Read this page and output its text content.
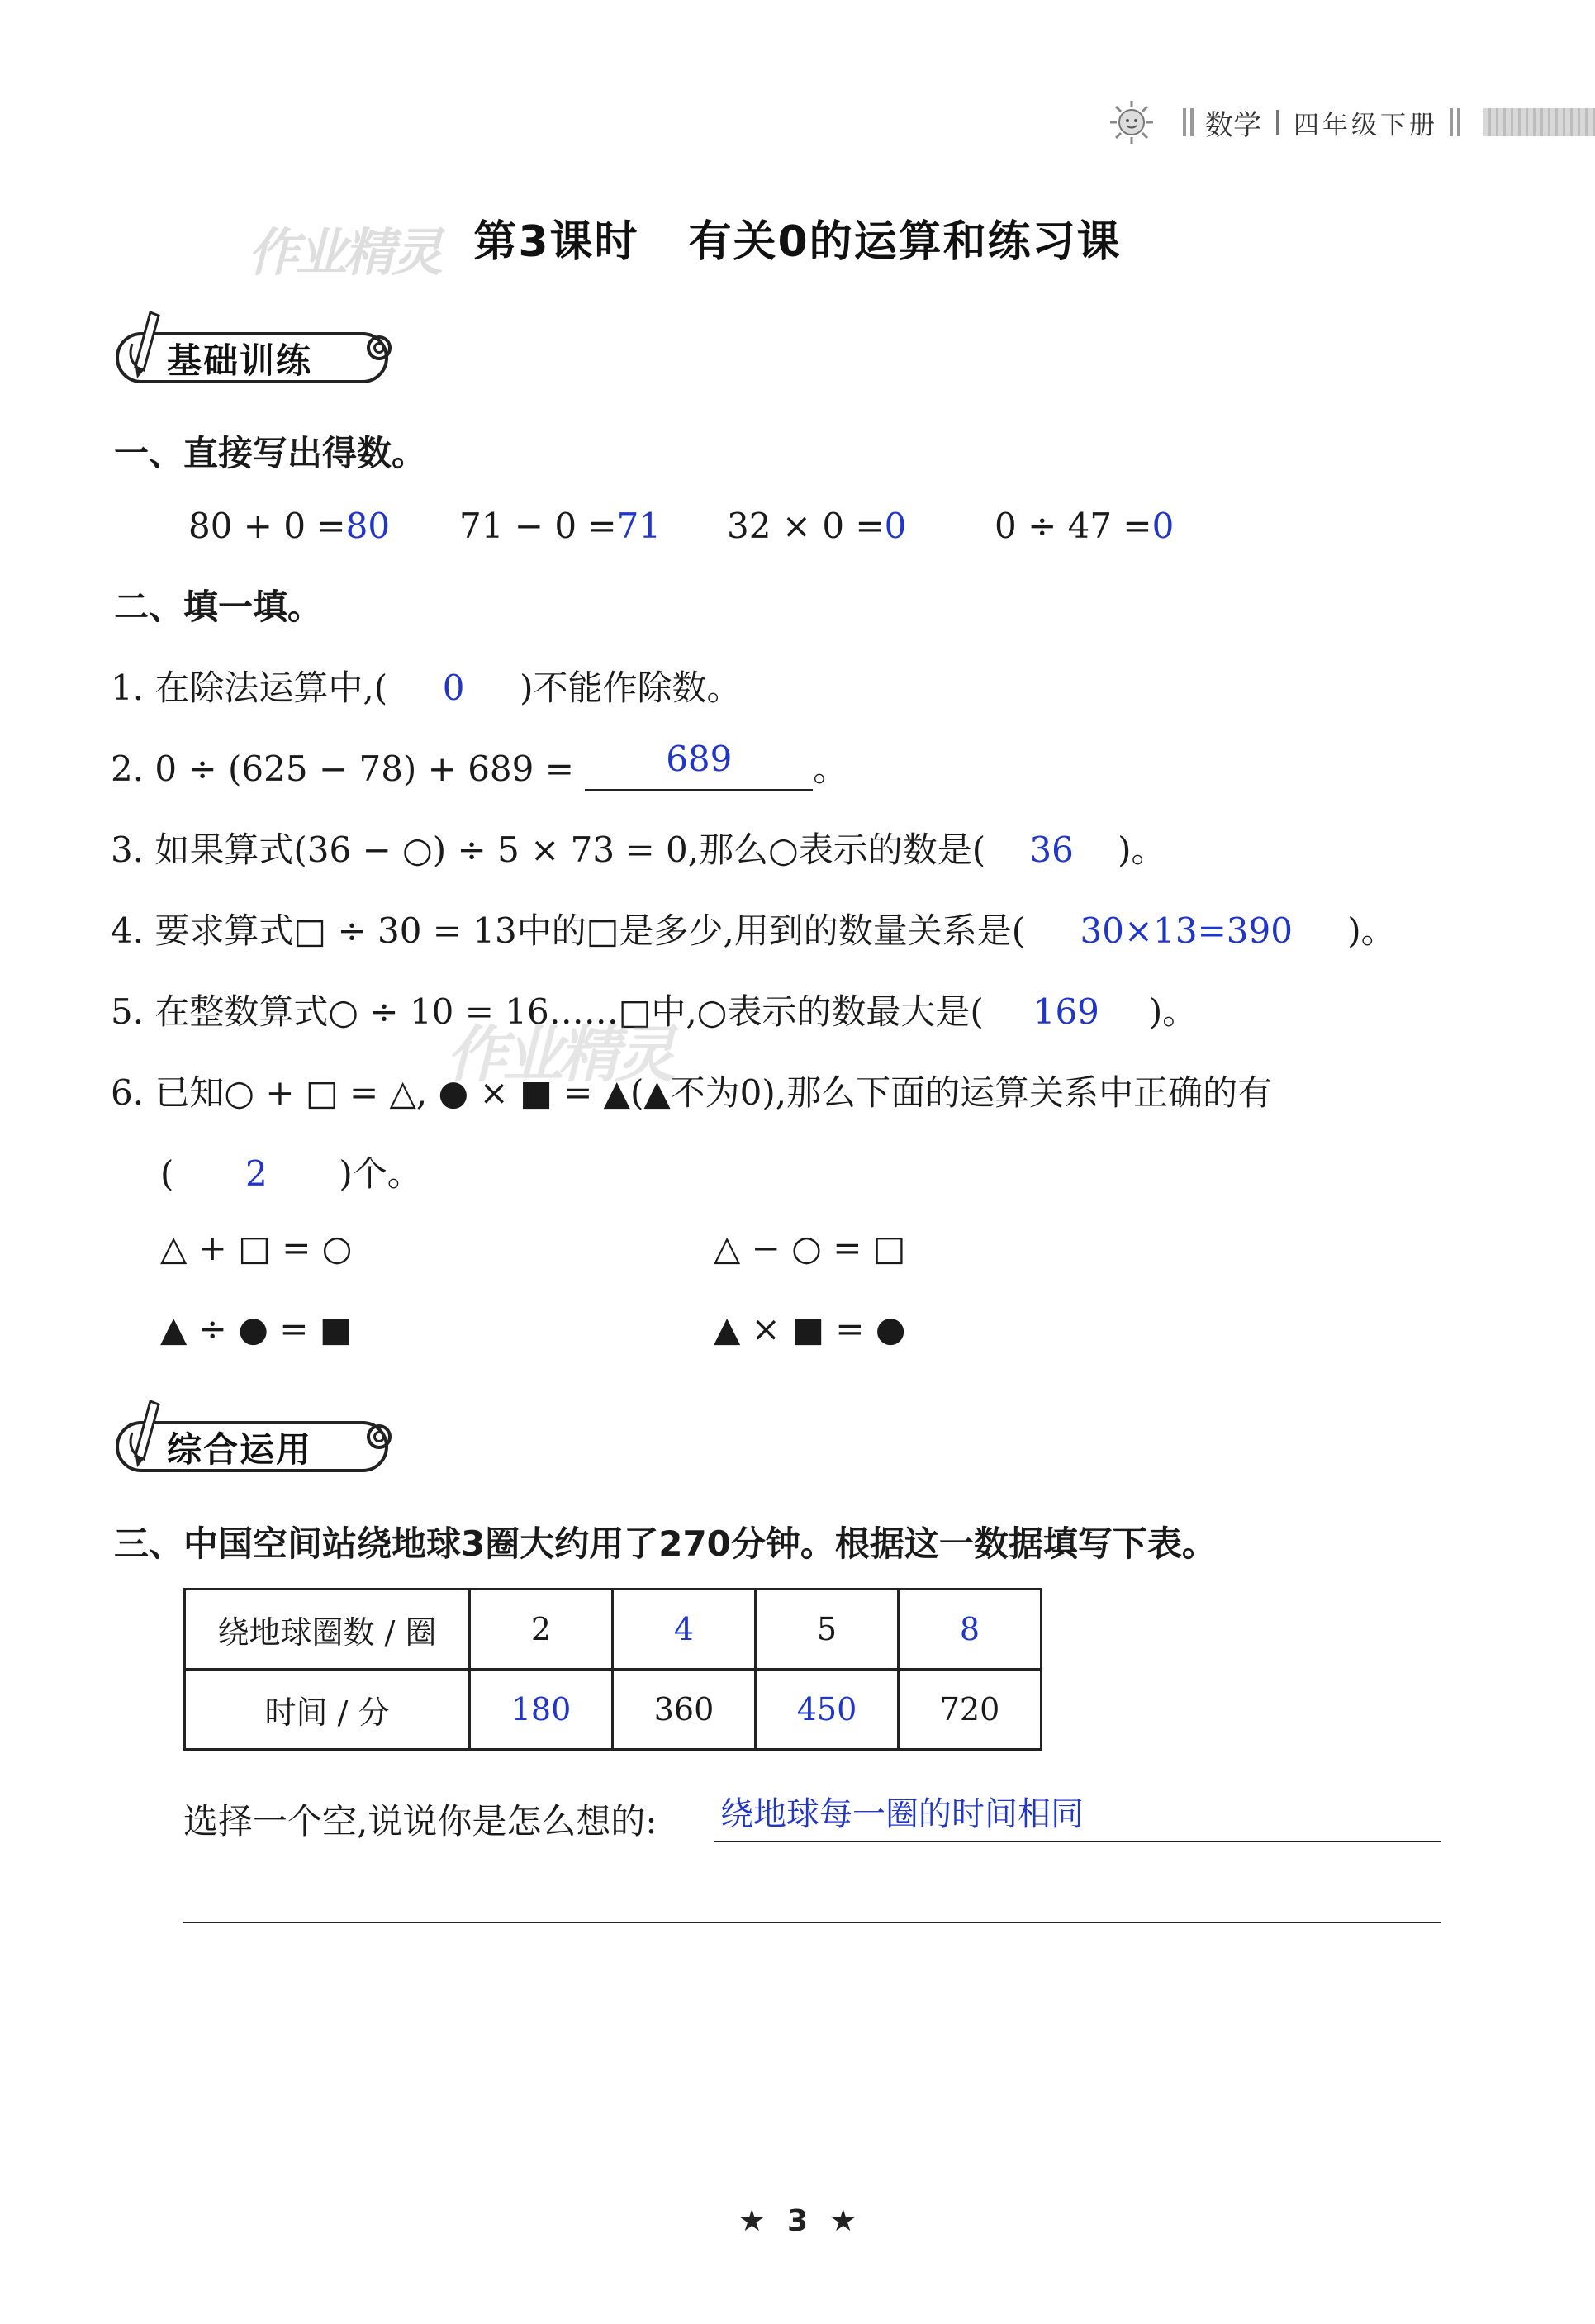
数学 四年级下册
作业精灵 第3课时 有关0的运算和练习课
基础训练
一、直接写出得数。
80 + 0 =80 71 − 0 =71 32 × 0 =0	0 ÷ 47 =0
二、填一填。
1. 在除法运算中,( 0 )不能作除数。
2. 0 ÷ (625 − 78) + 689 =	689 。
3. 如果算式(36 − ○) ÷ 5 × 73 = 0,那么○表示的数是( 36 )。
4. 要求算式□ ÷ 30 = 13中的□是多少,用到的数量关系是( 30×13=390 )。
5. 在整数算式○ ÷ 10 = 16……□中,○表示的数最大是( 169 )。
作业精灵
6. 已知○ + □ = △, ● × ■ = ▲(▲不为0),那么下面的运算关系中正确的有
( 2 )个。
△ + □ = ○	△ − ○ = □
▲ ÷ ● = ■	▲ × ■ = ●
综合运用
三、中国空间站绕地球3圈大约用了270分钟。根据这一数据填写下表。
绕地球圈数 / 圈	2	4	5	8
时间 / 分	180	360	450	720
选择一个空,说说你是怎么想的: 绕地球每一圈的时间相同
★ 3 ★
